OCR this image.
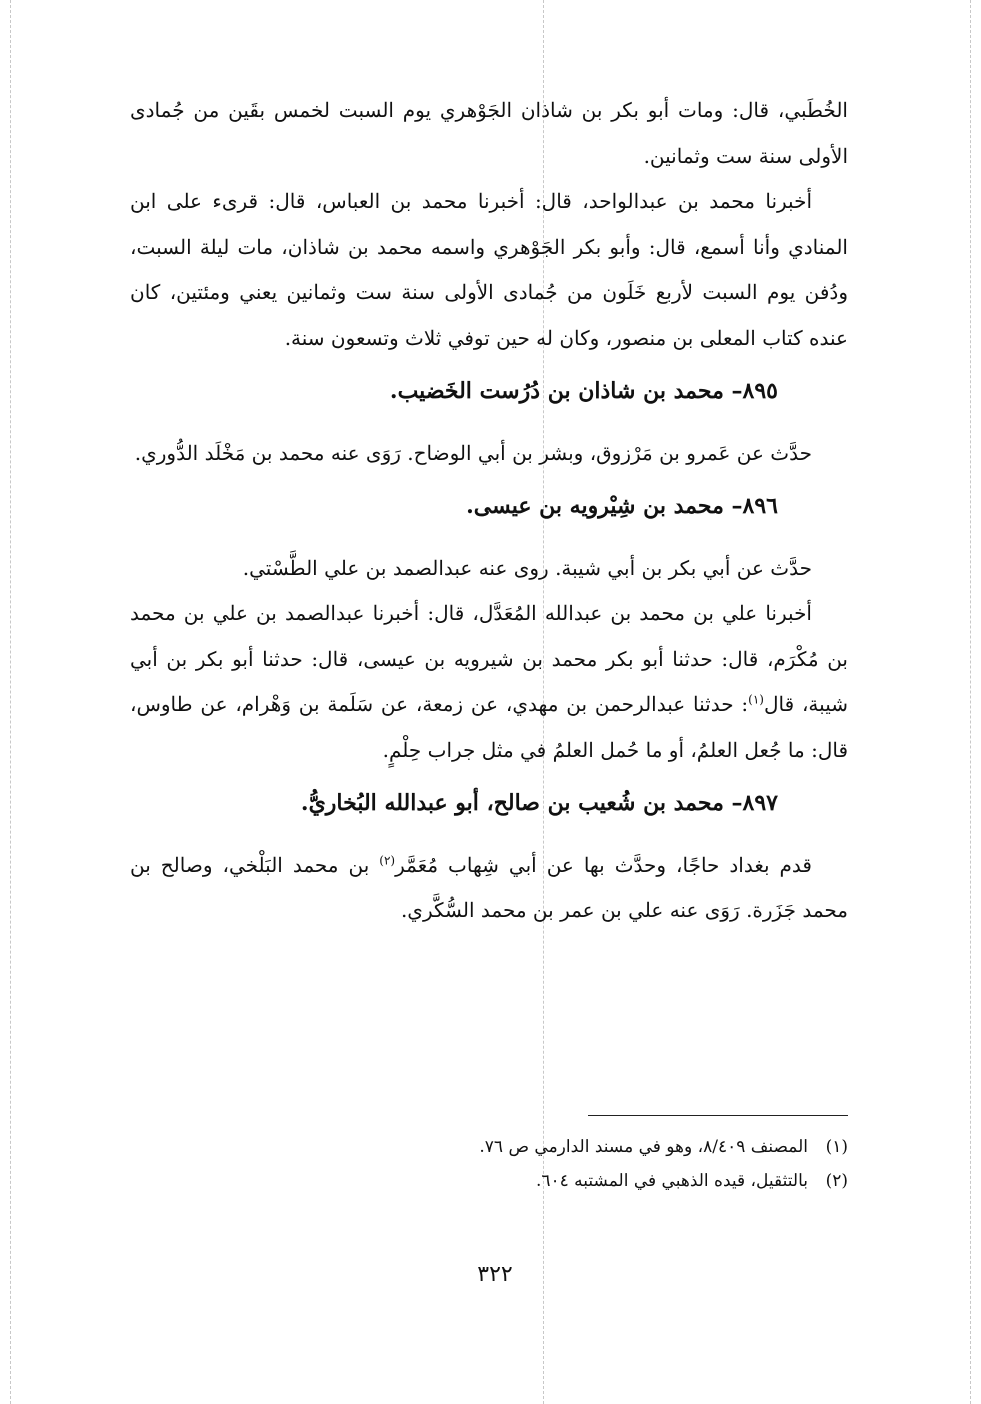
الخُطَبي، قال: ومات أبو بكر بن شاذان الجَوْهري يوم السبت لخمس بقَين من جُمادى الأولى سنة ست وثمانين.

أخبرنا محمد بن عبدالواحد، قال: أخبرنا محمد بن العباس، قال: قرىء على ابن المنادي وأنا أسمع، قال: وأبو بكر الجَوْهري واسمه محمد بن شاذان، مات ليلة السبت، ودُفن يوم السبت لأربع خَلَون من جُمادى الأولى سنة ست وثمانين يعني ومئتين، كان عنده كتاب المعلى بن منصور، وكان له حين توفي ثلاث وتسعون سنة.

٨٩٥– محمد بن شاذان بن دُرُست الخَضيب.

حدَّث عن عَمرو بن مَرْزوق، وبشر بن أبي الوضاح. رَوَى عنه محمد بن مَخْلَد الدُّوري.

٨٩٦– محمد بن شِيْرويه بن عيسى.

حدَّث عن أبي بكر بن أبي شيبة. روى عنه عبدالصمد بن علي الطَّسْتي.

أخبرنا علي بن محمد بن عبدالله المُعَدَّل، قال: أخبرنا عبدالصمد بن علي بن محمد بن مُكْرَم، قال: حدثنا أبو بكر محمد بن شيرويه بن عيسى، قال: حدثنا أبو بكر بن أبي شيبة، قال$^{(١)}$: حدثنا عبدالرحمن بن مهدي، عن زمعة، عن سَلَمة بن وَهْرام، عن طاوس، قال: ما جُعل العلمُ، أو ما حُمل العلمُ في مثل جراب حِلْمٍ.

٨٩٧– محمد بن شُعيب بن صالح، أبو عبدالله البُخاريُّ.

قدم بغداد حاجًا، وحدَّث بها عن أبي شِهاب مُعَمَّر$^{(٢)}$ بن محمد البَلْخي، وصالح بن محمد جَزَرة. رَوَى عنه علي بن عمر بن محمد السُّكَّري.

(١)المصنف ٨/٤٠٩، وهو في مسند الدارمي ص ٧٦.

(٢)بالتثقيل، قيده الذهبي في المشتبه ٦٠٤.

٣٢٢
